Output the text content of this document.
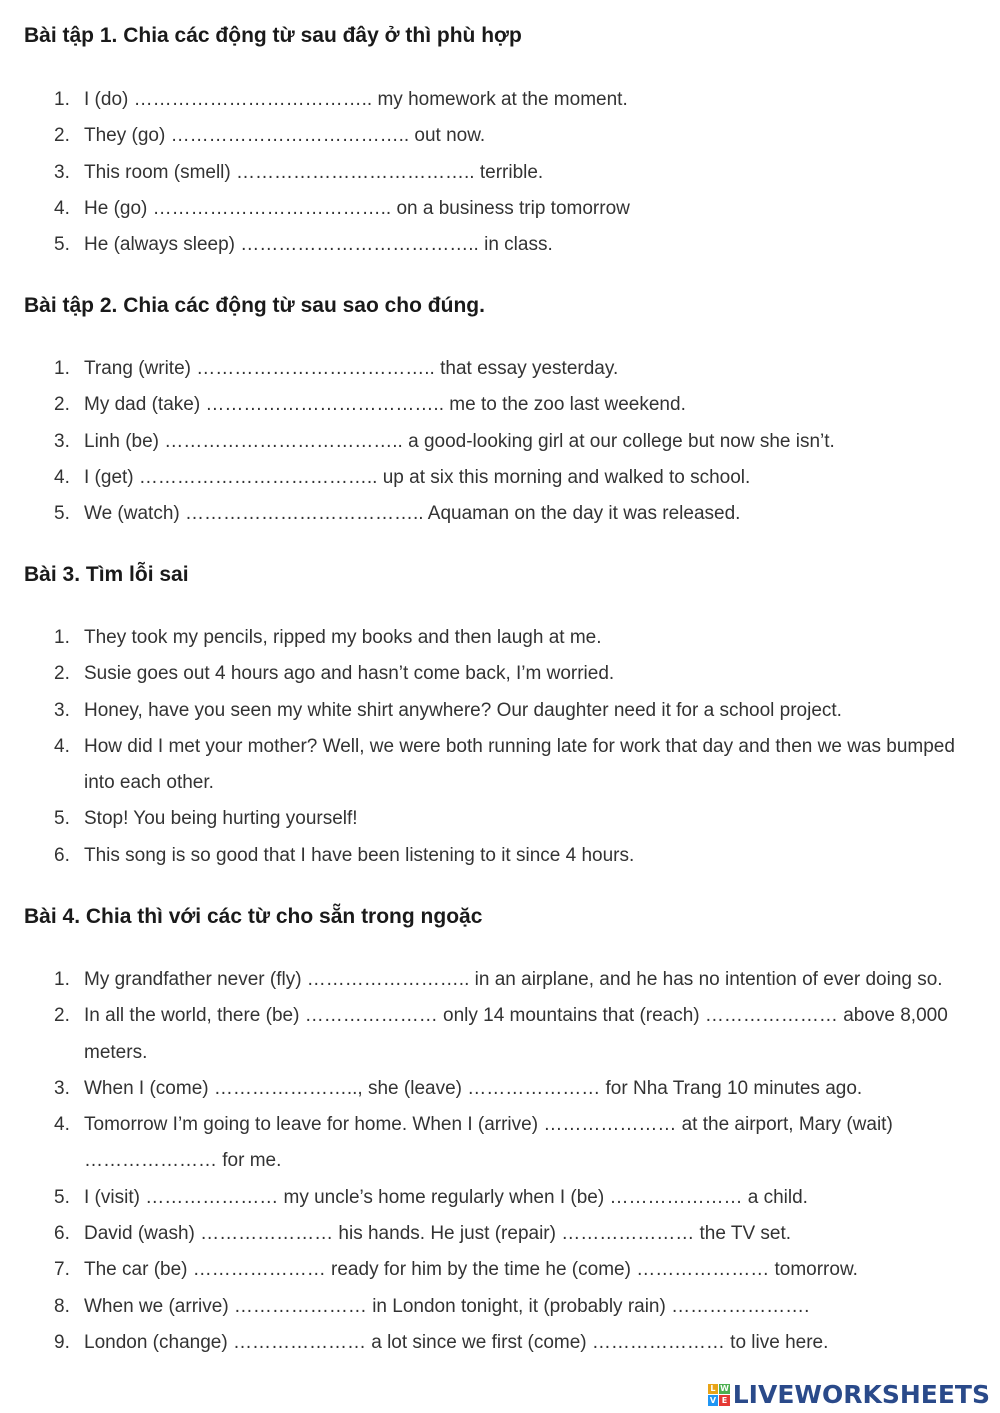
Bài tập 1. Chia các động từ sau đây ở thì phù hợp
1. I (do) ……………………………….. my homework at the moment.
2. They (go) ……………………………….. out now.
3. This room (smell) ……………………………….. terrible.
4. He (go) ……………………………….. on a business trip tomorrow
5. He (always sleep) ……………………………….. in class.
Bài tập 2. Chia các động từ sau sao cho đúng.
1. Trang (write) ……………………………….. that essay yesterday.
2. My dad (take) ……………………………….. me to the zoo last weekend.
3. Linh (be) ……………………………….. a good-looking girl at our college but now she isn’t.
4. I (get) ……………………………….. up at six this morning and walked to school.
5. We (watch) ……………………………….. Aquaman on the day it was released.
Bài 3. Tìm lỗi sai
1. They took my pencils, ripped my books and then laugh at me.
2. Susie goes out 4 hours ago and hasn’t come back, I’m worried.
3. Honey, have you seen my white shirt anywhere? Our daughter need it for a school project.
4. How did I met your mother? Well, we were both running late for work that day and then we was bumped into each other.
5. Stop! You being hurting yourself!
6. This song is so good that I have been listening to it since 4 hours.
Bài 4. Chia thì với các từ cho sẵn trong ngoặc
1. My grandfather never (fly) …………………….. in an airplane, and he has no intention of ever doing so.
2. In all the world, there (be) ………………… only 14 mountains that (reach) ………………… above 8,000 meters.
3. When I (come) ………………….., she (leave) ………………… for Nha Trang 10 minutes ago.
4. Tomorrow I’m going to leave for home. When I (arrive) ………………… at the airport, Mary (wait) ………………… for me.
5. I (visit) ………………… my uncle’s home regularly when I (be) ………………… a child.
6. David (wash) ………………… his hands. He just (repair) ………………… the TV set.
7. The car (be) ………………… ready for him by the time he (come) ………………… tomorrow.
8. When we (arrive) ………………… in London tonight, it (probably rain) ………………….
9. London (change) ………………… a lot since we first (come) ………………… to live here.
L W
V E LIVEWORKSHEETS
